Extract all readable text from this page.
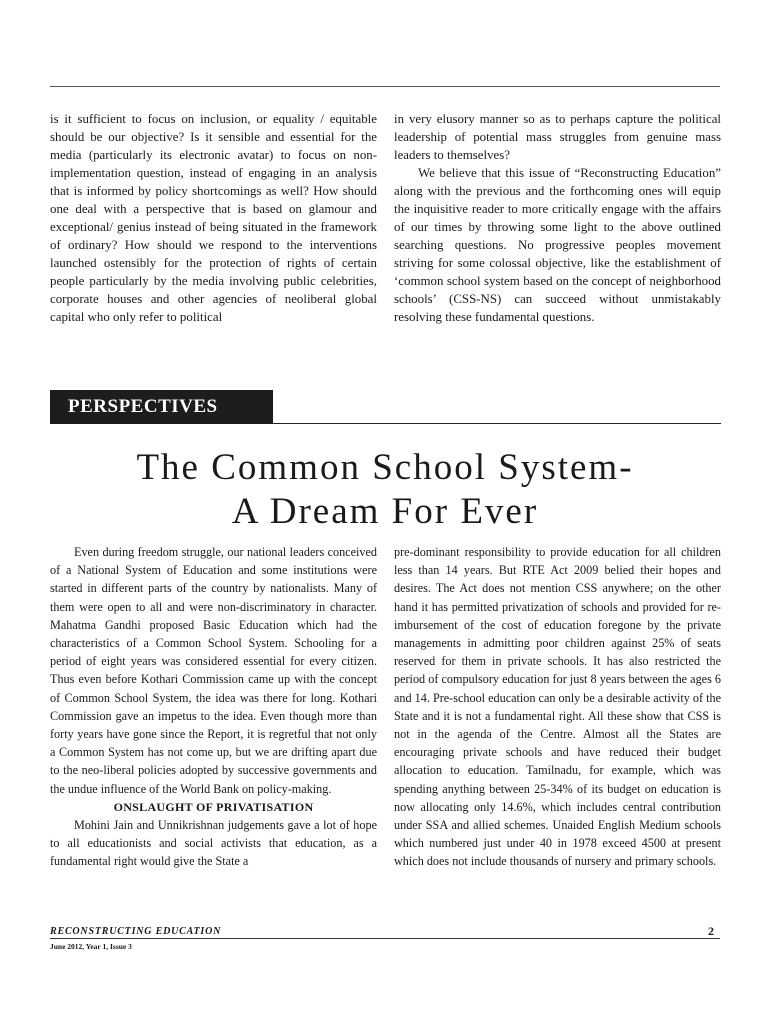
is it sufficient to focus on inclusion, or equality / equitable should be our objective? Is it sensible and essential for the media (particularly its electronic avatar) to focus on non-implementation question, instead of engaging in an analysis that is informed by policy shortcomings as well? How should one deal with a perspective that is based on glamour and exceptional/ genius instead of being situated in the framework of ordinary? How should we respond to the interventions launched ostensibly for the protection of rights of certain people particularly by the media involving public celebrities, corporate houses and other agencies of neoliberal global capital who only refer to political

in very elusory manner so as to perhaps capture the political leadership of potential mass struggles from genuine mass leaders to themselves?

We believe that this issue of “Reconstructing Education” along with the previous and the forthcoming ones will equip the inquisitive reader to more critically engage with the affairs of our times by throwing some light to the above outlined searching questions. No progressive peoples movement striving for some colossal objective, like the establishment of ‘common school system based on the concept of neighborhood schools’ (CSS-NS) can succeed without unmistakably resolving these fundamental questions.

PERSPECTIVES
The Common School System-
A Dream For Ever

Even during freedom struggle, our national leaders conceived of a National System of Education and some institutions were started in different parts of the country by nationalists. Many of them were open to all and were non-discriminatory in character. Mahatma Gandhi proposed Basic Education which had the characteristics of a Common School System. Schooling for a period of eight years was considered essential for every citizen. Thus even before Kothari Commission came up with the concept of Common School System, the idea was there for long. Kothari Commission gave an impetus to the idea. Even though more than forty years have gone since the Report, it is regretful that not only a Common System has not come up, but we are drifting apart due to the neo-liberal policies adopted by successive governments and the undue influence of the World Bank on policy-making.

ONSLAUGHT OF PRIVATISATION

Mohini Jain and Unnikrishnan judgements gave a lot of hope to all educationists and social activists that education, as a fundamental right would give the State a

pre-dominant responsibility to provide education for all children less than 14 years. But RTE Act 2009 belied their hopes and desires. The Act does not mention CSS anywhere; on the other hand it has permitted privatization of schools and provided for re-imbursement of the cost of education foregone by the private managements in admitting poor children against 25% of seats reserved for them in private schools. It has also restricted the period of compulsory education for just 8 years between the ages 6 and 14. Pre-school education can only be a desirable activity of the State and it is not a fundamental right. All these show that CSS is not in the agenda of the Centre. Almost all the States are encouraging private schools and have reduced their budget allocation to education. Tamilnadu, for example, which was spending anything between 25-34% of its budget on education is now allocating only 14.6%, which includes central contribution under SSA and allied schemes. Unaided English Medium schools which numbered just under 40 in 1978 exceed 4500 at present which does not include thousands of nursery and primary schools.

RECONSTRUCTING EDUCATION	2
June 2012, Year 1, Issue 3
